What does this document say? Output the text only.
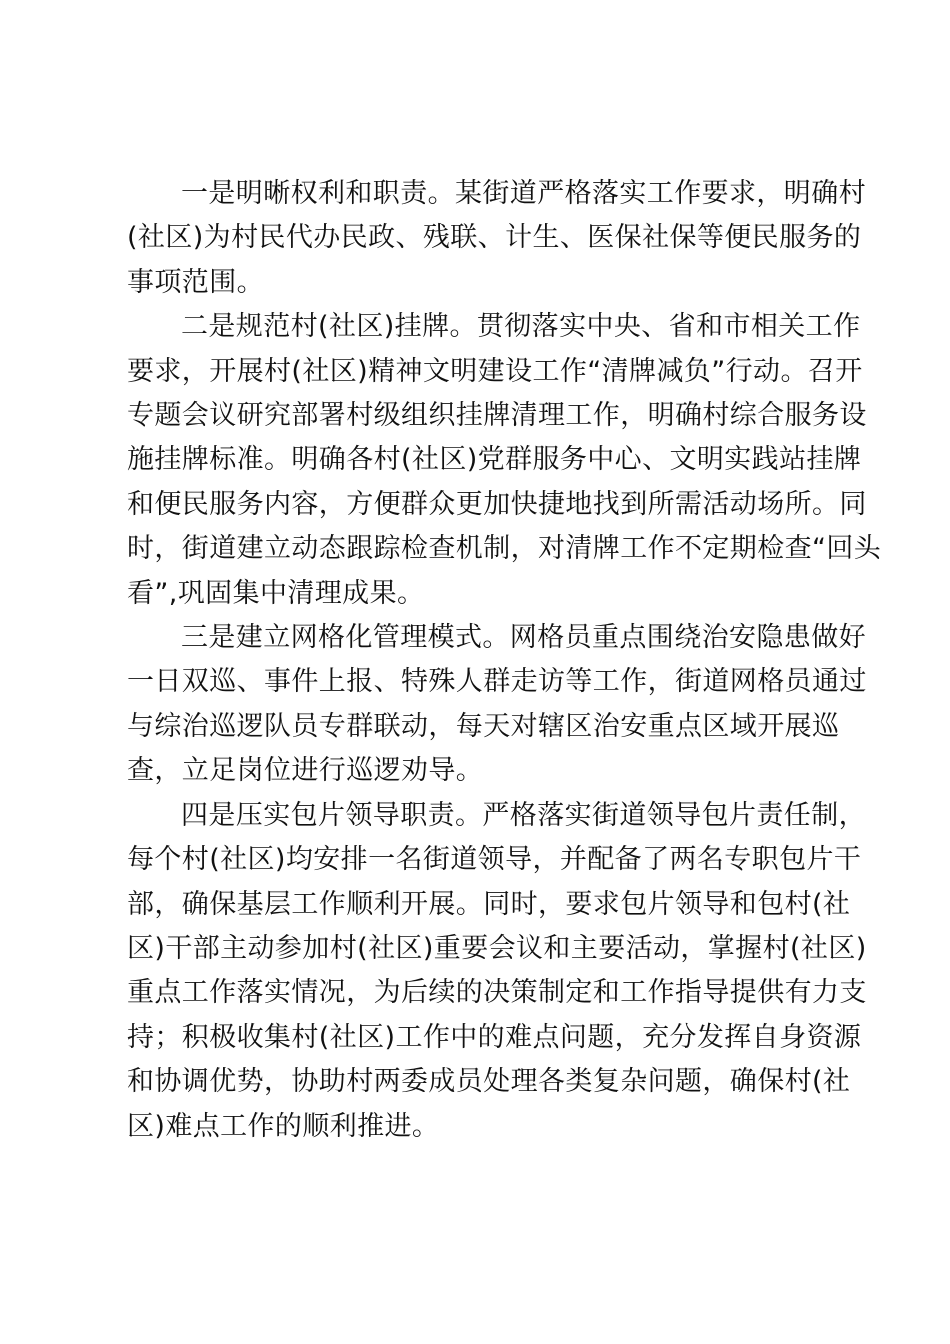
一是明晰权利和职责。某街道严格落实工作要求，明确村
(社区)为村民代办民政、残联、计生、医保社保等便民服务的
事项范围。

二是规范村(社区)挂牌。贯彻落实中央、省和市相关工作
要求，开展村(社区)精神文明建设工作“清牌减负”行动。召开
专题会议研究部署村级组织挂牌清理工作，明确村综合服务设
施挂牌标准。明确各村(社区)党群服务中心、文明实践站挂牌
和便民服务内容，方便群众更加快捷地找到所需活动场所。同
时，街道建立动态跟踪检查机制，对清牌工作不定期检查“回头
看”,巩固集中清理成果。

三是建立网格化管理模式。网格员重点围绕治安隐患做好
一日双巡、事件上报、特殊人群走访等工作，街道网格员通过
与综治巡逻队员专群联动，每天对辖区治安重点区域开展巡
查，立足岗位进行巡逻劝导。

四是压实包片领导职责。严格落实街道领导包片责任制，
每个村(社区)均安排一名街道领导，并配备了两名专职包片干
部，确保基层工作顺利开展。同时，要求包片领导和包村(社
区)干部主动参加村(社区)重要会议和主要活动，掌握村(社区)
重点工作落实情况，为后续的决策制定和工作指导提供有力支
持；积极收集村(社区)工作中的难点问题，充分发挥自身资源
和协调优势，协助村两委成员处理各类复杂问题，确保村(社
区)难点工作的顺利推进。
